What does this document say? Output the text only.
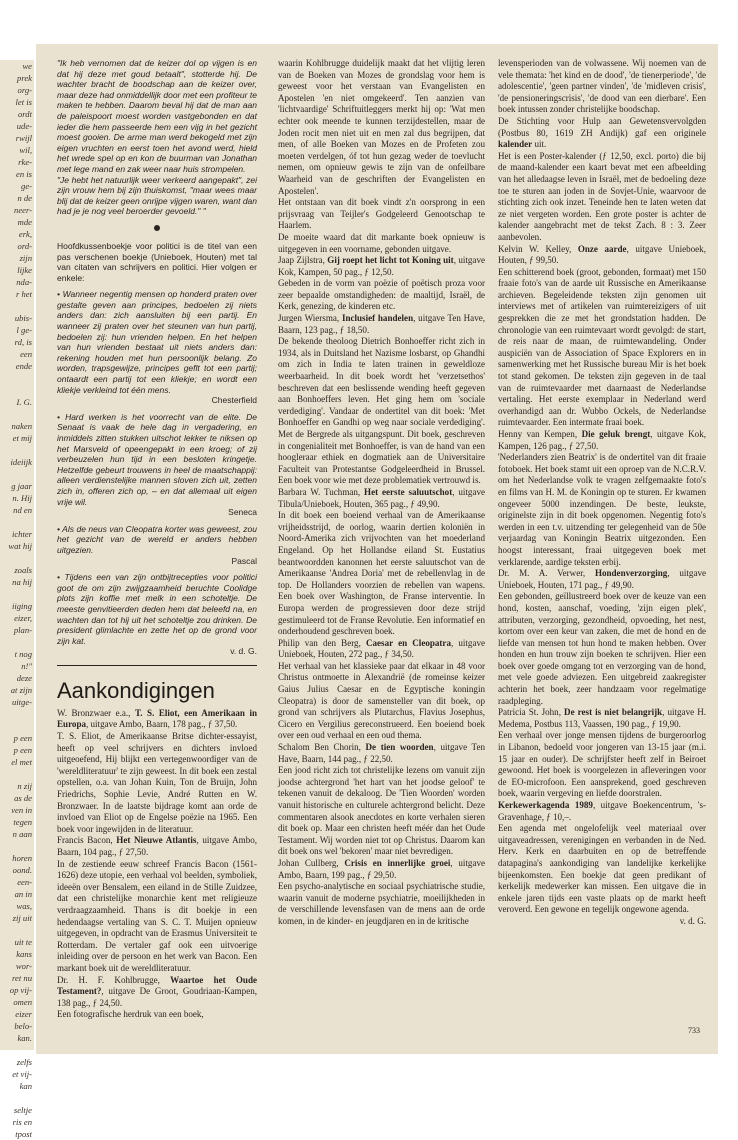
we
prek
org-
let is
ordt
ude-
rwijl
wil,
rke-
en is
ge-
n de
neer-
mde
erk,
ord-
zijn
lijke
nda-
r het

ubis-
l ge-
rd, is
een
ende

I. G.

naken
et mij

ideiijk

g jaar
n. Hij
nd en

ichter
wat hij

zoals
na hij

iiging
eizer,
plan-

t nog
n!"
deze
at zijn
uitge-

p een
p een
el met

n zij
as de
ven in
tegen
n aan

horen
oond.
een-
an in
was,
zij uit

uit te
kans
wor-
ret nu
op vij-
omen
eizer
belo-
kan.

zelfs
et vij-
kan

seltje
ris en
tpost

"Ik heb vernomen dat de keizer dol op vijgen is en dat hij deze met goud betaalt", stotterde hij. De wachter bracht de boodschap aan de keizer over, maar deze had onmiddellijk door met een profiteur te maken te hebben. Daarom beval hij dat de man aan de paleispoort moest worden vastgebonden en dat ieder die hem passeerde hem een vijg in het gezicht moest gooien. De arme man werd bekogeld met zijn eigen vruchten en eerst toen het avond werd, hield het wrede spel op en kon de buurman van Jonathan met lege mand en zak weer naar huis strompelen.

"Je hebt het natuurlijk weer verkeerd aangepakt", zei zijn vrouw hem bij zijn thuiskomst, "maar wees maar blij dat de keizer geen onrijpe vijgen waren, want dan had je je nog veel beroerder gevoeld." "

Hoofdkussenboekje voor politici is de titel van een pas verschenen boekje (Unieboek, Houten) met tal van citaten van schrijvers en politici. Hier volgen er enkele:

• Wanneer negentig mensen op honderd praten over gestalte geven aan principes, bedoelen zij niets anders dan: zich aansluiten bij een partij. En wanneer zij praten over het steunen van hun partij, bedoelen zij: hun vrienden helpen. En het helpen van hun vrienden bestaat uit niets anders dan: rekening houden met hun persoonlijk belang. Zo worden, trapsgewijze, principes geflt tot een partij; ontaardt een partij tot een kliekje; en wordt een kliekje verkleind tot één mens.

Chesterfield

• Hard werken is het voorrecht van de elite. De Senaat is vaak de hele dag in vergadering, en inmiddels zitten stukken uitschot lekker te niksen op het Marsveld of opeengepakt in een kroeg; of zij verbeuzelen hun tijd in een besloten kringetje. Hetzelfde gebeurt trouwens in heel de maatschappij: alleen verdienstelijke mannen sloven zich uit, zetten zich in, offeren zich op, – en dat allemaal uit eigen vrije wil.

Seneca

• Als de neus van Cleopatra korter was geweest, zou het gezicht van de wereld er anders hebben uitgezien.

Pascal

• Tijdens een van zijn ontbijtrecepties voor politici goot de om zijn zwijgzaamheid beruchte Coolidge plots zijn koffie met melk in een schoteltje. De meeste genvitieerden deden hem dat beleefd na, en wachten dan tot hij uit het schoteltje zou drinken. De president glimlachte en zette het op de grond voor zijn kat.

v. d. G.

Aankondigingen

W. Bronzwaer e.a., T. S. Eliot, een Amerikaan in Europa, uitgave Ambo, Baarn, 178 pag., ƒ 37,50.

T. S. Eliot, de Amerikaanse Britse dichter-essayist, heeft op veel schrijvers en dichters invloed uitgeoefend, Hij blijkt een vertegenwoordiger van de 'wereldliteratuur' te zijn geweest. In dit boek een zestal opstellen, o.a. van Johan Kuin, Ton de Bruijn, John Friedrichs, Sophie Levie, André Rutten en W. Bronzwaer. In de laatste bijdrage komt aan orde de invloed van Eliot op de Engelse poëzie na 1965. Een boek voor ingewijden in de literatuur.

Francis Bacon, Het Nieuwe Atlantis, uitgave Ambo, Baarn, 104 pag., ƒ 27,50.

In de zestiende eeuw schreef Francis Bacon (1561-1626) deze utopie, een verhaal vol beelden, symboliek, ideeën over Bensalem, een eiland in de Stille Zuidzee, dat een christelijke monarchie kent met religieuze verdraagzaamheid. Thans is dit boekje in een hedendaagse vertaling van S. C. T. Muijen opnieuw uitgegeven, in opdracht van de Erasmus Universiteit te Rotterdam. De vertaler gaf ook een uitvoerige inleiding over de persoon en het werk van Bacon. Een markant boek uit de wereldliteratuur.

Dr. H. F. Kohlbrugge, Waartoe het Oude Testament?, uitgave De Groot, Goudriaan-Kampen, 138 pag., ƒ 24,50.

Een fotografische herdruk van een boek,

waarin Kohlbrugge duidelijk maakt dat het vlijtig leren van de Boeken van Mozes de grondslag voor hem is geweest voor het verstaan van Evangelisten en Apostelen 'en niet omgekeerd'. Ten aanzien van 'lichtvaardige' Schriftuitleggers merkt hij op: 'Wat men echter ook meende te kunnen terzijdestellen, maar de Joden rocit men niet uit en men zal dus begrijpen, dat men, of alle Boeken van Mozes en de Profeten zou moeten verdelgen, óf tot hun gezag weder de toevlucht nemen, om opnieuw gewis te zijn van de onfeilbare Waarheid van de geschriften der Evangelisten en Apostelen'.

Het ontstaan van dit boek vindt z'n oorsprong in een prijsvraag van Teijler's Godgeleerd Genootschap te Haarlem.

De moeite waard dat dit markante boek opnieuw is uitgegeven in een voorname, gebonden uitgave.

Jaap Zijlstra, Gij roept het licht tot Koning uit, uitgave Kok, Kampen, 50 pag., ƒ 12,50.

Gebeden in de vorm van poëzie of poëtisch proza voor zeer bepaalde omstandigheden: de maaltijd, Israël, de Kerk, genezing, de kinderen etc.

Jurgen Wiersma, Inclusief handelen, uitgave Ten Have, Baarn, 123 pag., ƒ 18,50.

De bekende theoloog Dietrich Bonhoeffer richt zich in 1934, als in Duitsland het Nazisme losbarst, op Ghandhi om zich in India te laten trainen in geweldloze weerbaarheid. In dit boek wordt het 'verzetsethos' beschreven dat een beslissende wending heeft gegeven aan Bonhoeffers leven. Het ging hem om 'sociale verdediging'. Vandaar de ondertitel van dit boek: 'Met Bonhoeffer en Gandhi op weg naar sociale verdediging'. Met de Bergrede als uitgangspunt. Dit boek, geschreven in congenialiteit met Bonhoeffer, is van de hand van een hoogleraar ethiek en dogmatiek aan de Universitaire Faculteit van Protestantse Godgeleerdheid in Brussel. Een boek voor wie met deze problematiek vertrouwd is.

Barbara W. Tuchman, Het eerste saluutschot, uitgave Tibula/Unieboek, Houten, 365 pag., ƒ 49,90.

In dit boek een boeiend verhaal van de Amerikaanse vrijheidsstrijd, de oorlog, waarin dertien koloniën in Noord-Amerika zich vrijvochten van het moederland Engeland. Op het Hollandse eiland St. Eustatius beantwoordden kanonnen het eerste saluutschot van de Amerikaanse 'Andrea Doria' met de rebellenvlag in de top. De Hollanders voorzien de rebellen van wapens. Een boek over Washington, de Franse interventie. In Europa werden de progressieven door deze strijd gestimuleerd tot de Franse Revolutie. Een informatief en onderhoudend geschreven boek.

Philip van den Berg, Caesar en Cleopatra, uitgave Unieboek, Houten, 272 pag., ƒ 34,50.

Het verhaal van het klassieke paar dat elkaar in 48 voor Christus ontmoette in Alexandrië (de romeinse keizer Gaius Julius Caesar en de Egyptische koningin Cleopatra) is door de samensteller van dit boek, op grond van schrijvers als Plutarchus, Flavius Josephus, Cicero en Vergilius gereconstrueerd. Een boeiend boek over een oud verhaal en een oud thema.

Schalom Ben Chorin, De tien woorden, uitgave Ten Have, Baarn, 144 pag., ƒ 22,50.

Een jood richt zich tot christelijke lezens om vanuit zijn joodse achtergrond 'het hart van het joodse geloof' te tekenen vanuit de dekaloog. De 'Tien Woorden' worden vanuit historische en culturele achtergrond belicht. Deze commentaren alsook anecdotes en korte verhalen sieren dit boek op. Maar een christen heeft méér dan het Oude Testament. Wij worden niet tot op Christus. Daarom kan dit boek ons wel 'bekoren' maar niet bevredigen.

Johan Cullberg, Crisis en innerlijke groei, uitgave Ambo, Baarn, 199 pag., ƒ 29,50.

Een psycho-analytische en sociaal psychiatrische studie, waarin vanuit de moderne psychiatrie, moeilijkheden in de verschillende levensfasen van de mens aan de orde komen, in de kinder- en jeugdjaren en in de kritische

levensperioden van de volwassene. Wij noemen van de vele themata: 'het kind en de dood', 'de tienerperiode', 'de adolescentie', 'geen partner vinden', 'de 'midleven crisis', 'de pensioneringscrisis', 'de dood van een dierbare'. Een boek intussen zonder christelijke boodschap.

De Stichting voor Hulp aan Gewetensvervolgden (Postbus 80, 1619 ZH Andijk) gaf een originele kalender uit.

Het is een Poster-kalender (ƒ 12,50, excl. porto) die bij de maand-kalender een kaart bevat met een afbeelding van het alledaagse leven in Israël, met de bedoeling deze toe te sturen aan joden in de Sovjet-Unie, waarvoor de stichting zich ook inzet. Teneinde hen te laten weten dat ze niet vergeten worden. Een grote poster is achter de kalender aangebracht met de tekst Zach. 8 : 3. Zeer aanbevolen.

Kelvin W. Kelley, Onze aarde, uitgave Unieboek, Houten, ƒ 99,50.

Een schitterend boek (groot, gebonden, formaat) met 150 fraaie foto's van de aarde uit Russische en Amerikaanse archieven. Begeleidende teksten zijn genomen uit interviews met of artikelen van ruimtereizigers of uit gesprekken die ze met het grondstation hadden. De chronologie van een ruimtevaart wordt gevolgd: de start, de reis naar de maan, de ruimtewandeling. Onder auspiciën van de Association of Space Explorers en in samenwerking met het Russische bureau Mir is het boek tot stand gekomen. De teksten zijn gegeven in de taal van de ruimtevaarder met daarnaast de Nederlandse vertaling. Het eerste exemplaar in Nederland werd overhandigd aan dr. Wubbo Ockels, de Nederlandse ruimtevaarder. Een intermate fraai boek.

Henny van Kempen, Die geluk brengt, uitgave Kok, Kampen, 126 pag., ƒ 27,50.

'Nederlanders zien Beatrix' is de ondertitel van dit fraaie fotoboek. Het boek stamt uit een oproep van de N.C.R.V. om het Nederlandse volk te vragen zelfgemaakte foto's en films van H. M. de Koningin op te sturen. Er kwamen ongeveer 5000 inzendingen. De beste, leukste, originelste zijn in dit boek opgenomen. Negentig foto's werden in een t.v. uitzending ter gelegenheid van de 50e verjaardag van Koningin Beatrix uitgezonden. Een hoogst interessant, fraai uitgegeven boek met verklarende, aardige teksten erbij.

Dr. M. A. Verwer, Hondenverzorging, uitgave Unieboek, Houten, 171 pag., ƒ 49,90.

Een gebonden, geïllustreerd boek over de keuze van een hond, kosten, aanschaf, voeding, 'zijn eigen plek', attributen, verzorging, gezondheid, opvoeding, het nest, kortom over een keur van zaken, die met de hond en de liefde van mensen tot hun hond te maken hebben. Over honden en hun trouw zijn boeken te schrijven. Hier een boek over goede omgang tot en verzorging van de hond, met vele goede adviezen. Een uitgebreid zaakregister achterin het boek, zeer handzaam voor regelmatige raadpleging.

Patricia St. John, De rest is niet belangrijk, uitgave H. Medema, Postbus 113, Vaassen, 190 pag., ƒ 19,90.

Een verhaal over jonge mensen tijdens de burgeroorlog in Libanon, bedoeld voor jongeren van 13-15 jaar (m.i. 15 jaar en ouder). De schrijfster heeft zelf in Beiroet gewoond. Het boek is voorgelezen in afleveringen voor de EO-microfoon. Een aansprekend, goed geschreven boek, waarin vergeving en liefde doorstralen.

Kerkewerkagenda 1989, uitgave Boekencentrum, 's-Gravenhage, ƒ 10,–.

Een agenda met ongelofelijk veel materiaal over uitgaveadressen, verenigingen en verbanden in de Ned. Herv. Kerk en daarbuiten en op de betreffende datapagina's aankondiging van landelijke kerkelijke bijeenkomsten. Een boekje dat geen predikant of kerkelijk medewerker kan missen. Een uitgave die in enkele jaren tijds een vaste plaats op de markt heeft veroverd. Een gewone en tegelijk ongewone agenda.

v. d. G.

733
